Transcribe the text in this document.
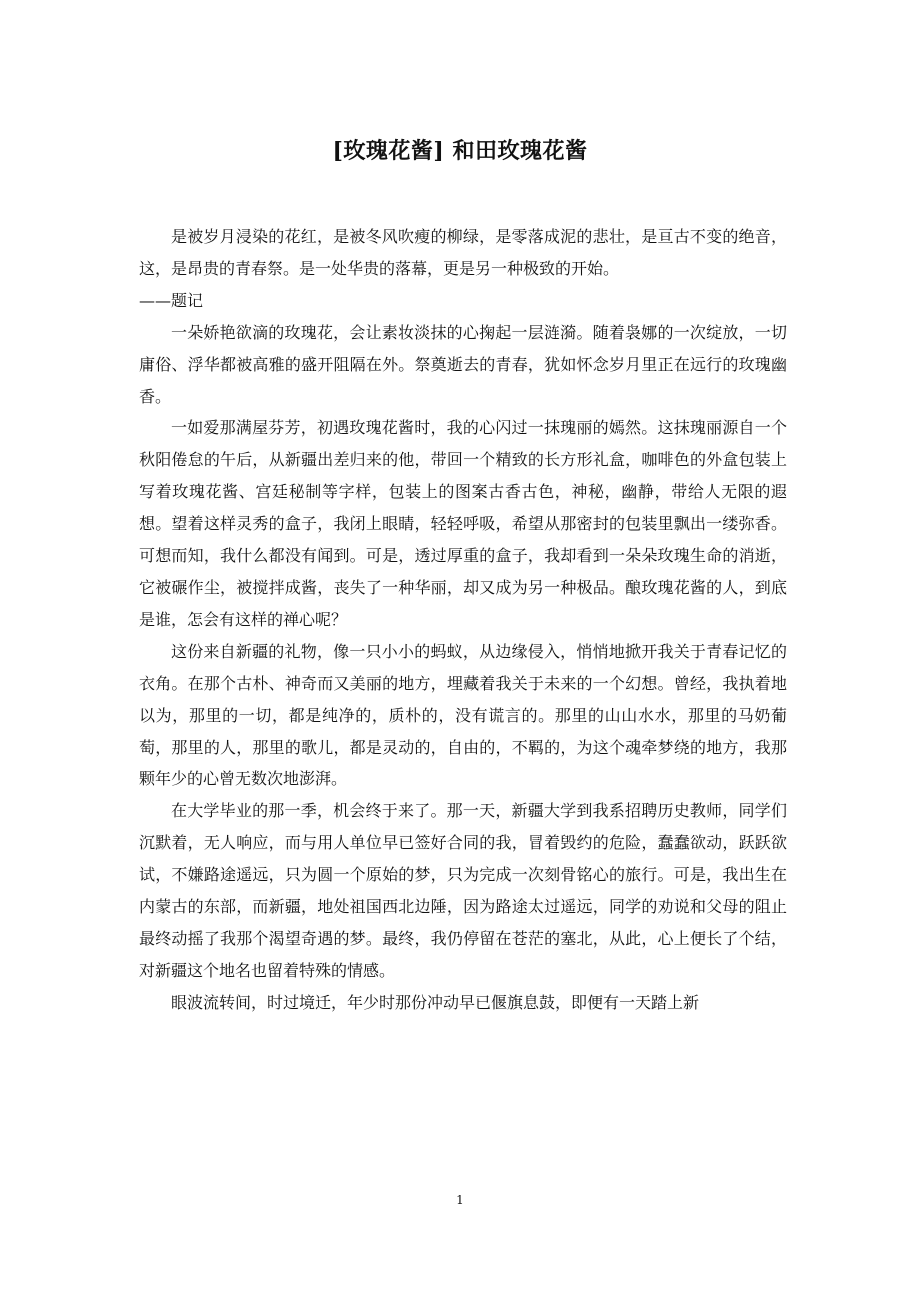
[玫瑰花酱] 和田玫瑰花酱

是被岁月浸染的花红，是被冬风吹瘦的柳绿，是零落成泥的悲壮，是亘古不变的绝音，这，是昂贵的青春祭。是一处华贵的落幕，更是另一种极致的开始。

——题记

一朵娇艳欲滴的玫瑰花，会让素妆淡抹的心掬起一层涟漪。随着袅娜的一次绽放，一切庸俗、浮华都被高雅的盛开阻隔在外。祭奠逝去的青春，犹如怀念岁月里正在远行的玫瑰幽香。

一如爱那满屋芬芳，初遇玫瑰花酱时，我的心闪过一抹瑰丽的嫣然。这抹瑰丽源自一个秋阳倦怠的午后，从新疆出差归来的他，带回一个精致的长方形礼盒，咖啡色的外盒包装上写着玫瑰花酱、宫廷秘制等字样，包装上的图案古香古色，神秘，幽静，带给人无限的遐想。望着这样灵秀的盒子，我闭上眼睛，轻轻呼吸，希望从那密封的包装里飘出一缕弥香。可想而知，我什么都没有闻到。可是，透过厚重的盒子，我却看到一朵朵玫瑰生命的消逝，它被碾作尘，被搅拌成酱，丧失了一种华丽，却又成为另一种极品。酿玫瑰花酱的人，到底是谁，怎会有这样的禅心呢？

这份来自新疆的礼物，像一只小小的蚂蚁，从边缘侵入，悄悄地掀开我关于青春记忆的衣角。在那个古朴、神奇而又美丽的地方，埋藏着我关于未来的一个幻想。曾经，我执着地以为，那里的一切，都是纯净的，质朴的，没有谎言的。那里的山山水水，那里的马奶葡萄，那里的人，那里的歌儿，都是灵动的，自由的，不羁的，为这个魂牵梦绕的地方，我那颗年少的心曾无数次地澎湃。

在大学毕业的那一季，机会终于来了。那一天，新疆大学到我系招聘历史教师，同学们沉默着，无人响应，而与用人单位早已签好合同的我，冒着毁约的危险，蠢蠢欲动，跃跃欲试，不嫌路途遥远，只为圆一个原始的梦，只为完成一次刻骨铭心的旅行。可是，我出生在内蒙古的东部，而新疆，地处祖国西北边陲，因为路途太过遥远，同学的劝说和父母的阻止最终动摇了我那个渴望奇遇的梦。最终，我仍停留在苍茫的塞北，从此，心上便长了个结，对新疆这个地名也留着特殊的情感。

眼波流转间，时过境迁，年少时那份冲动早已偃旗息鼓，即便有一天踏上新

1
